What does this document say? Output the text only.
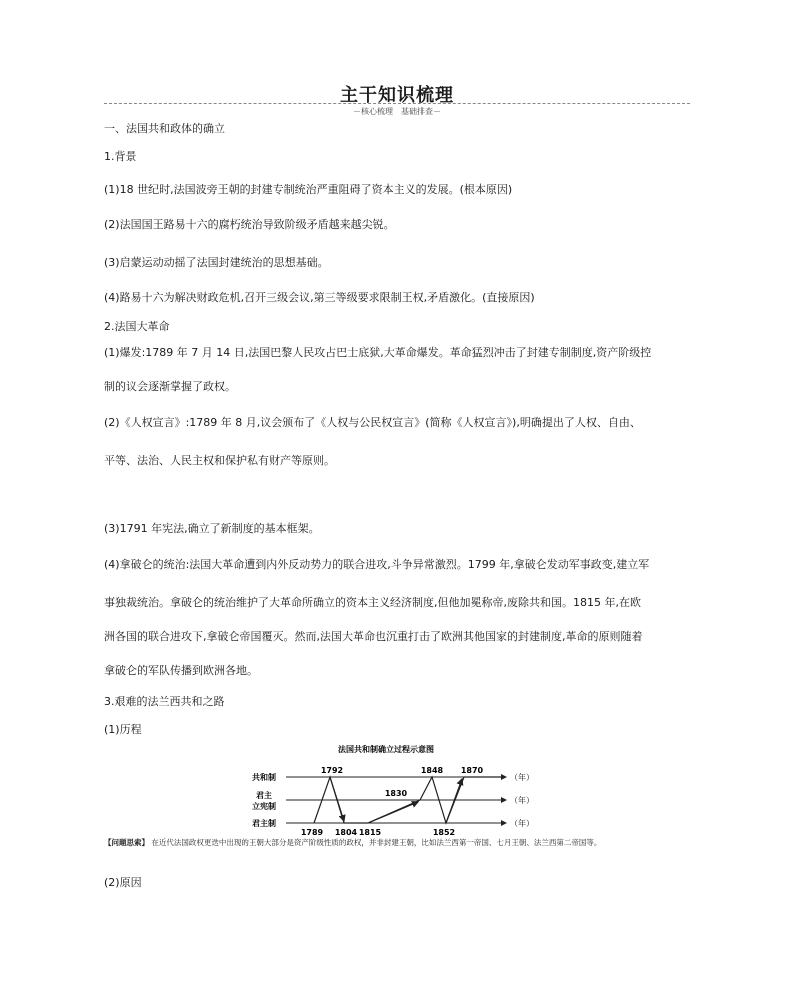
主干知识梳理
－核心梳理　基础排查－
一、法国共和政体的确立
1.背景
(1)18 世纪时,法国波旁王朝的封建专制统治严重阻碍了资本主义的发展。(根本原因)
(2)法国国王路易十六的腐朽统治导致阶级矛盾越来越尖锐。
(3)启蒙运动动摇了法国封建统治的思想基础。
(4)路易十六为解决财政危机,召开三级会议,第三等级要求限制王权,矛盾激化。(直接原因)
2.法国大革命
(1)爆发:1789 年 7 月 14 日,法国巴黎人民攻占巴士底狱,大革命爆发。革命猛烈冲击了封建专制制度,资产阶级控
制的议会逐渐掌握了政权。
(2)《人权宣言》:1789 年 8 月,议会颁布了《人权与公民权宣言》(简称《人权宣言》),明确提出了人权、自由、
平等、法治、人民主权和保护私有财产等原则。
(3)1791 年宪法,确立了新制度的基本框架。
(4)拿破仑的统治:法国大革命遭到内外反动势力的联合进攻,斗争异常激烈。1799 年,拿破仑发动军事政变,建立军
事独裁统治。拿破仑的统治维护了大革命所确立的资本主义经济制度,但他加冕称帝,废除共和国。1815 年,在欧
洲各国的联合进攻下,拿破仑帝国覆灭。然而,法国大革命也沉重打击了欧洲其他国家的封建制度,革命的原则随着
拿破仑的军队传播到欧洲各地。
3.艰难的法兰西共和之路
(1)历程
法国共和制确立过程示意图
共和制
君主
立宪制
君主制
（年）
（年）
（年）
1792	1848 1870
1830
1789 1804 1815	1852
【问题思索】 在近代法国政权更迭中出现的王朝大部分是资产阶级性质的政权，并非封建王朝，比如法兰西第一帝国、七月王朝、法兰西第二帝国等。
(2)原因
